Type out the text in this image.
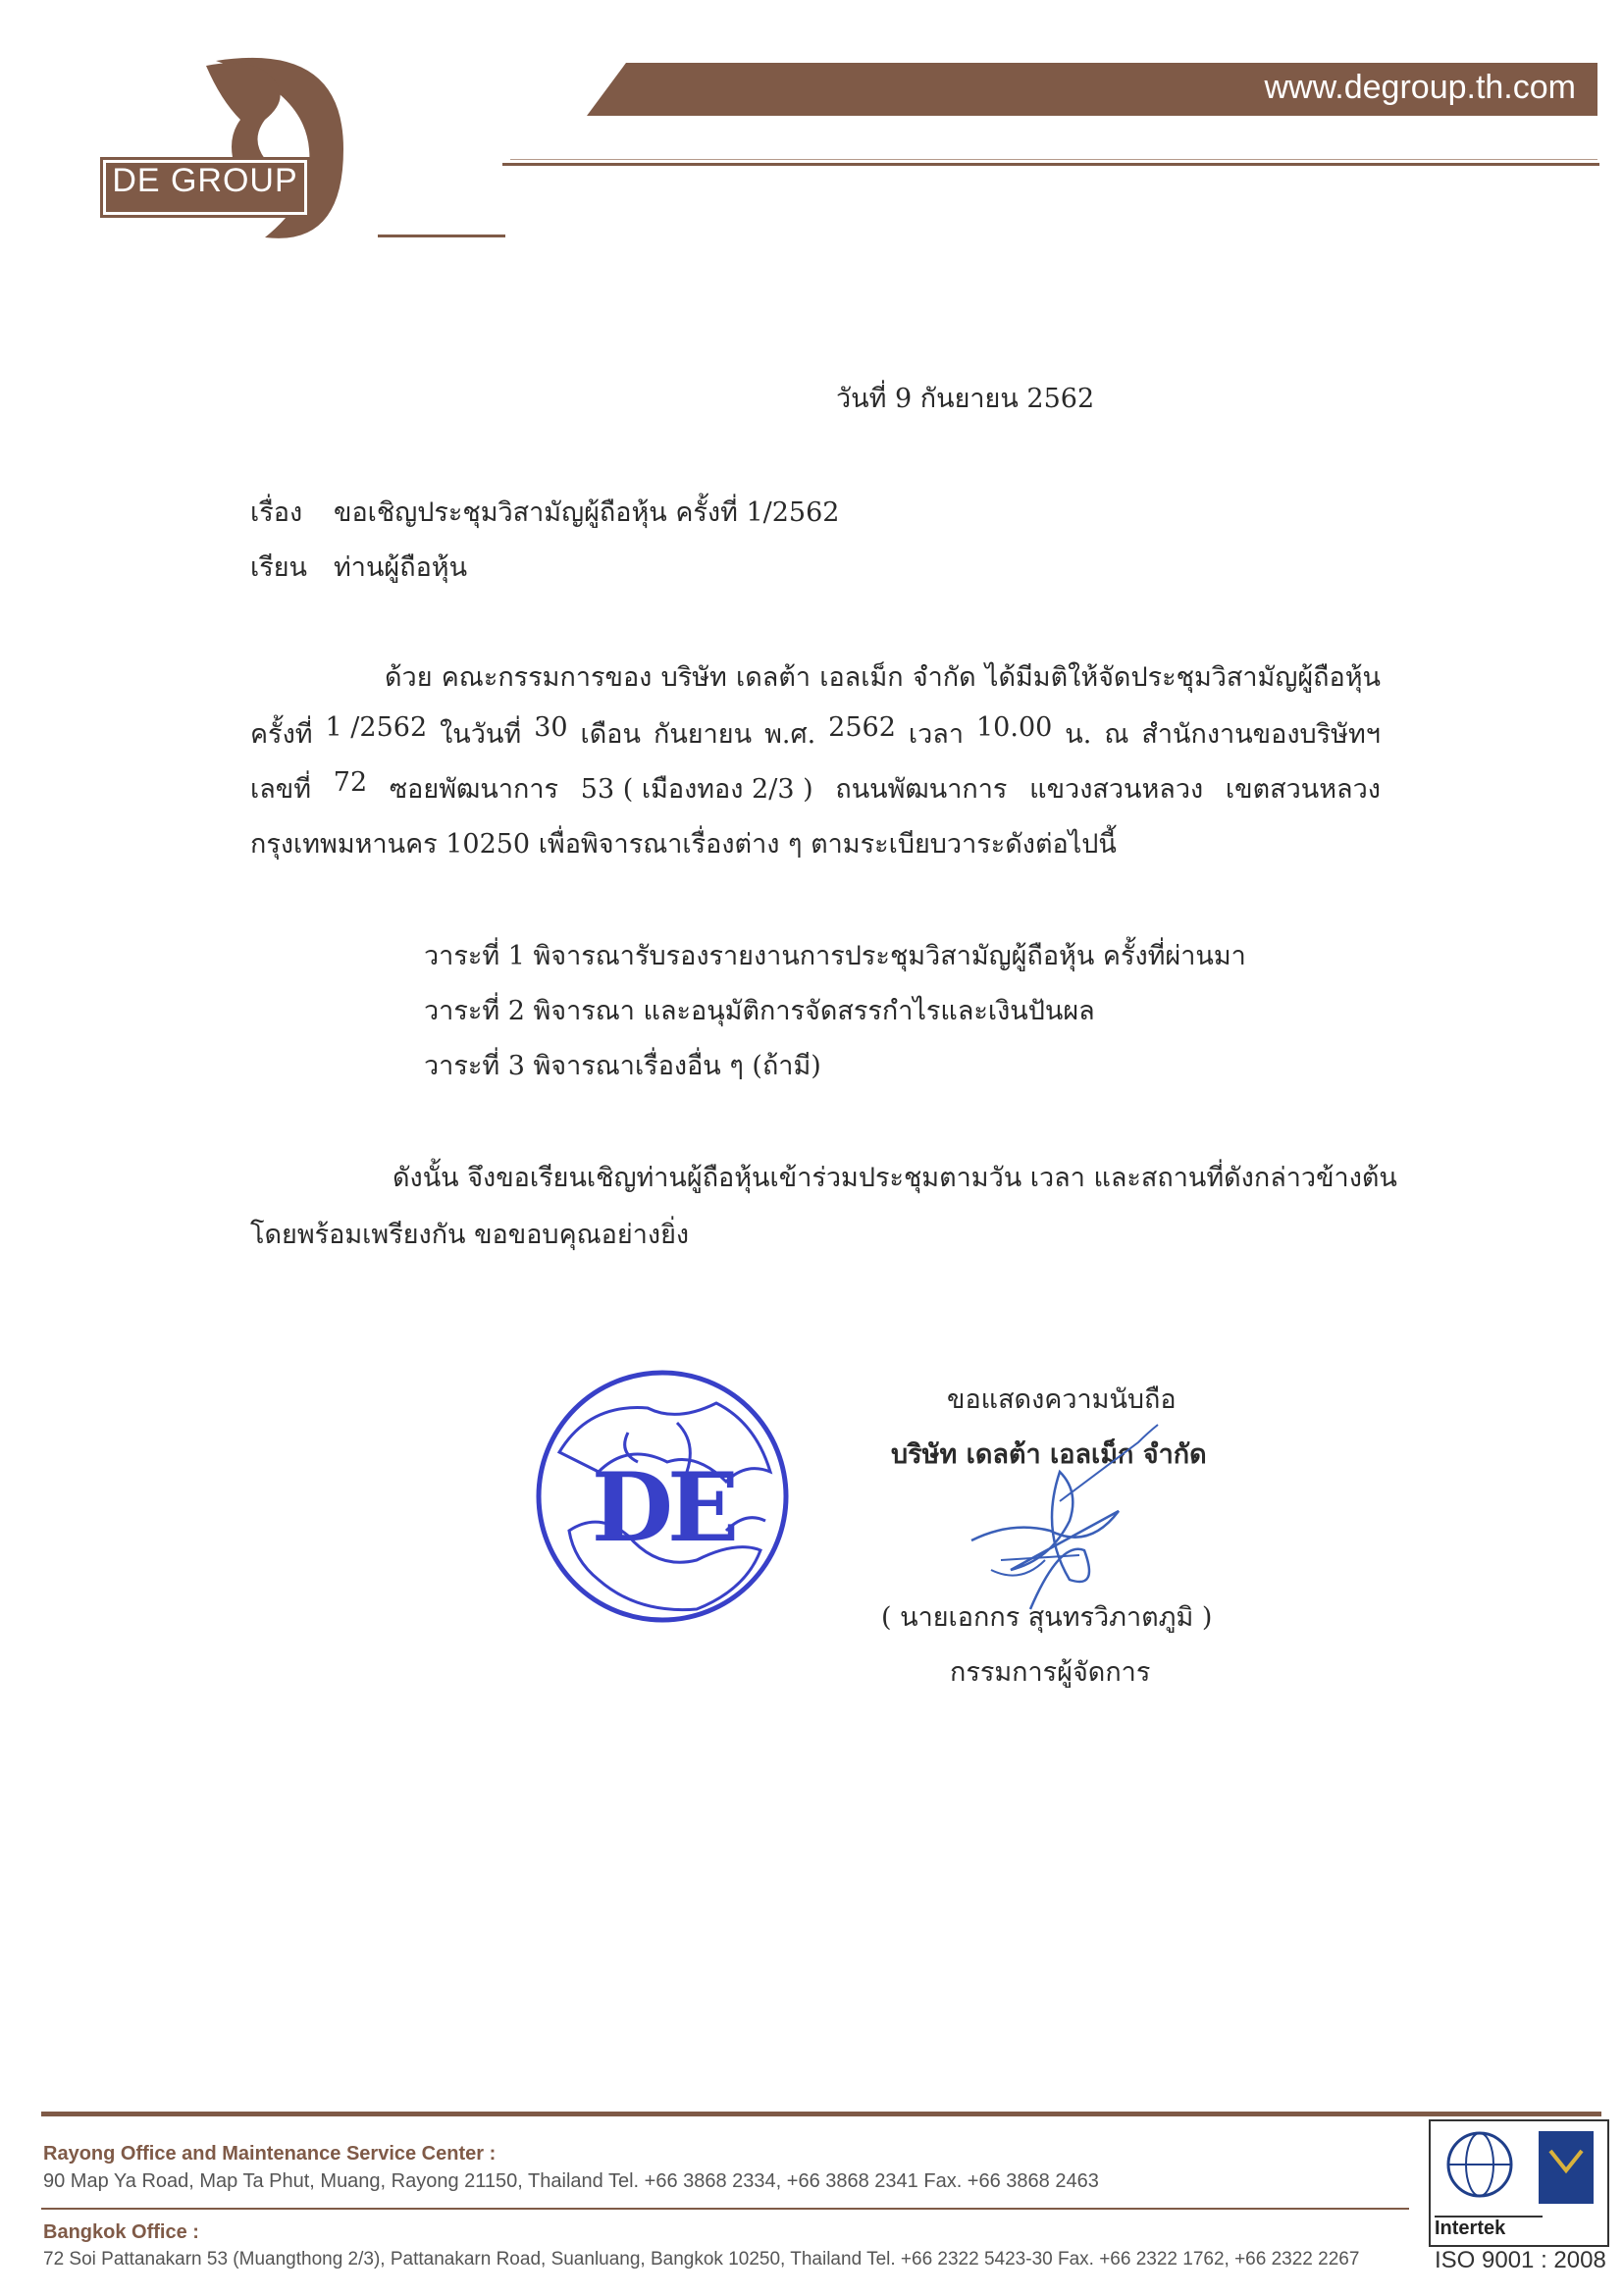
www.degroup.th.com
DE GROUP
วันที่ 9 กันยายน 2562
เรื่อง ขอเชิญประชุมวิสามัญผู้ถือหุ้น ครั้งที่ 1/2562
เรียน ท่านผู้ถือหุ้น
ด้วย คณะกรรมการของ บริษัท เดลต้า เอลเม็ก จำกัด ได้มีมติให้จัดประชุมวิสามัญผู้ถือหุ้น
ครั้งที่ 1 /2562 ในวันที่ 30 เดือน กันยายน พ.ศ. 2562 เวลา 10.00 น. ณ สำนักงานของบริษัทฯ
เลขที่ 72 ซอยพัฒนาการ 53 ( เมืองทอง 2/3 ) ถนนพัฒนาการ แขวงสวนหลวง เขตสวนหลวง
กรุงเทพมหานคร 10250 เพื่อพิจารณาเรื่องต่าง ๆ ตามระเบียบวาระดังต่อไปนี้
วาระที่ 1 พิจารณารับรองรายงานการประชุมวิสามัญผู้ถือหุ้น ครั้งที่ผ่านมา
วาระที่ 2 พิจารณา และอนุมัติการจัดสรรกำไรและเงินปันผล
วาระที่ 3 พิจารณาเรื่องอื่น ๆ (ถ้ามี)
ดังนั้น จึงขอเรียนเชิญท่านผู้ถือหุ้นเข้าร่วมประชุมตามวัน เวลา และสถานที่ดังกล่าวข้างต้น
โดยพร้อมเพรียงกัน ขอขอบคุณอย่างยิ่ง
ขอแสดงความนับถือ
บริษัท เดลต้า เอลเม็ก จำกัด
DE
( นายเอกกร สุนทรวิภาตภูมิ )
กรรมการผู้จัดการ
Rayong Office and Maintenance Service Center :
90 Map Ya Road, Map Ta Phut, Muang, Rayong 21150, Thailand Tel. +66 3868 2334, +66 3868 2341 Fax. +66 3868 2463
Bangkok Office :
72 Soi Pattanakarn 53 (Muangthong 2/3), Pattanakarn Road, Suanluang, Bangkok 10250, Thailand Tel. +66 2322 5423-30 Fax. +66 2322 1762, +66 2322 2267
Intertek
ISO 9001 : 2008
